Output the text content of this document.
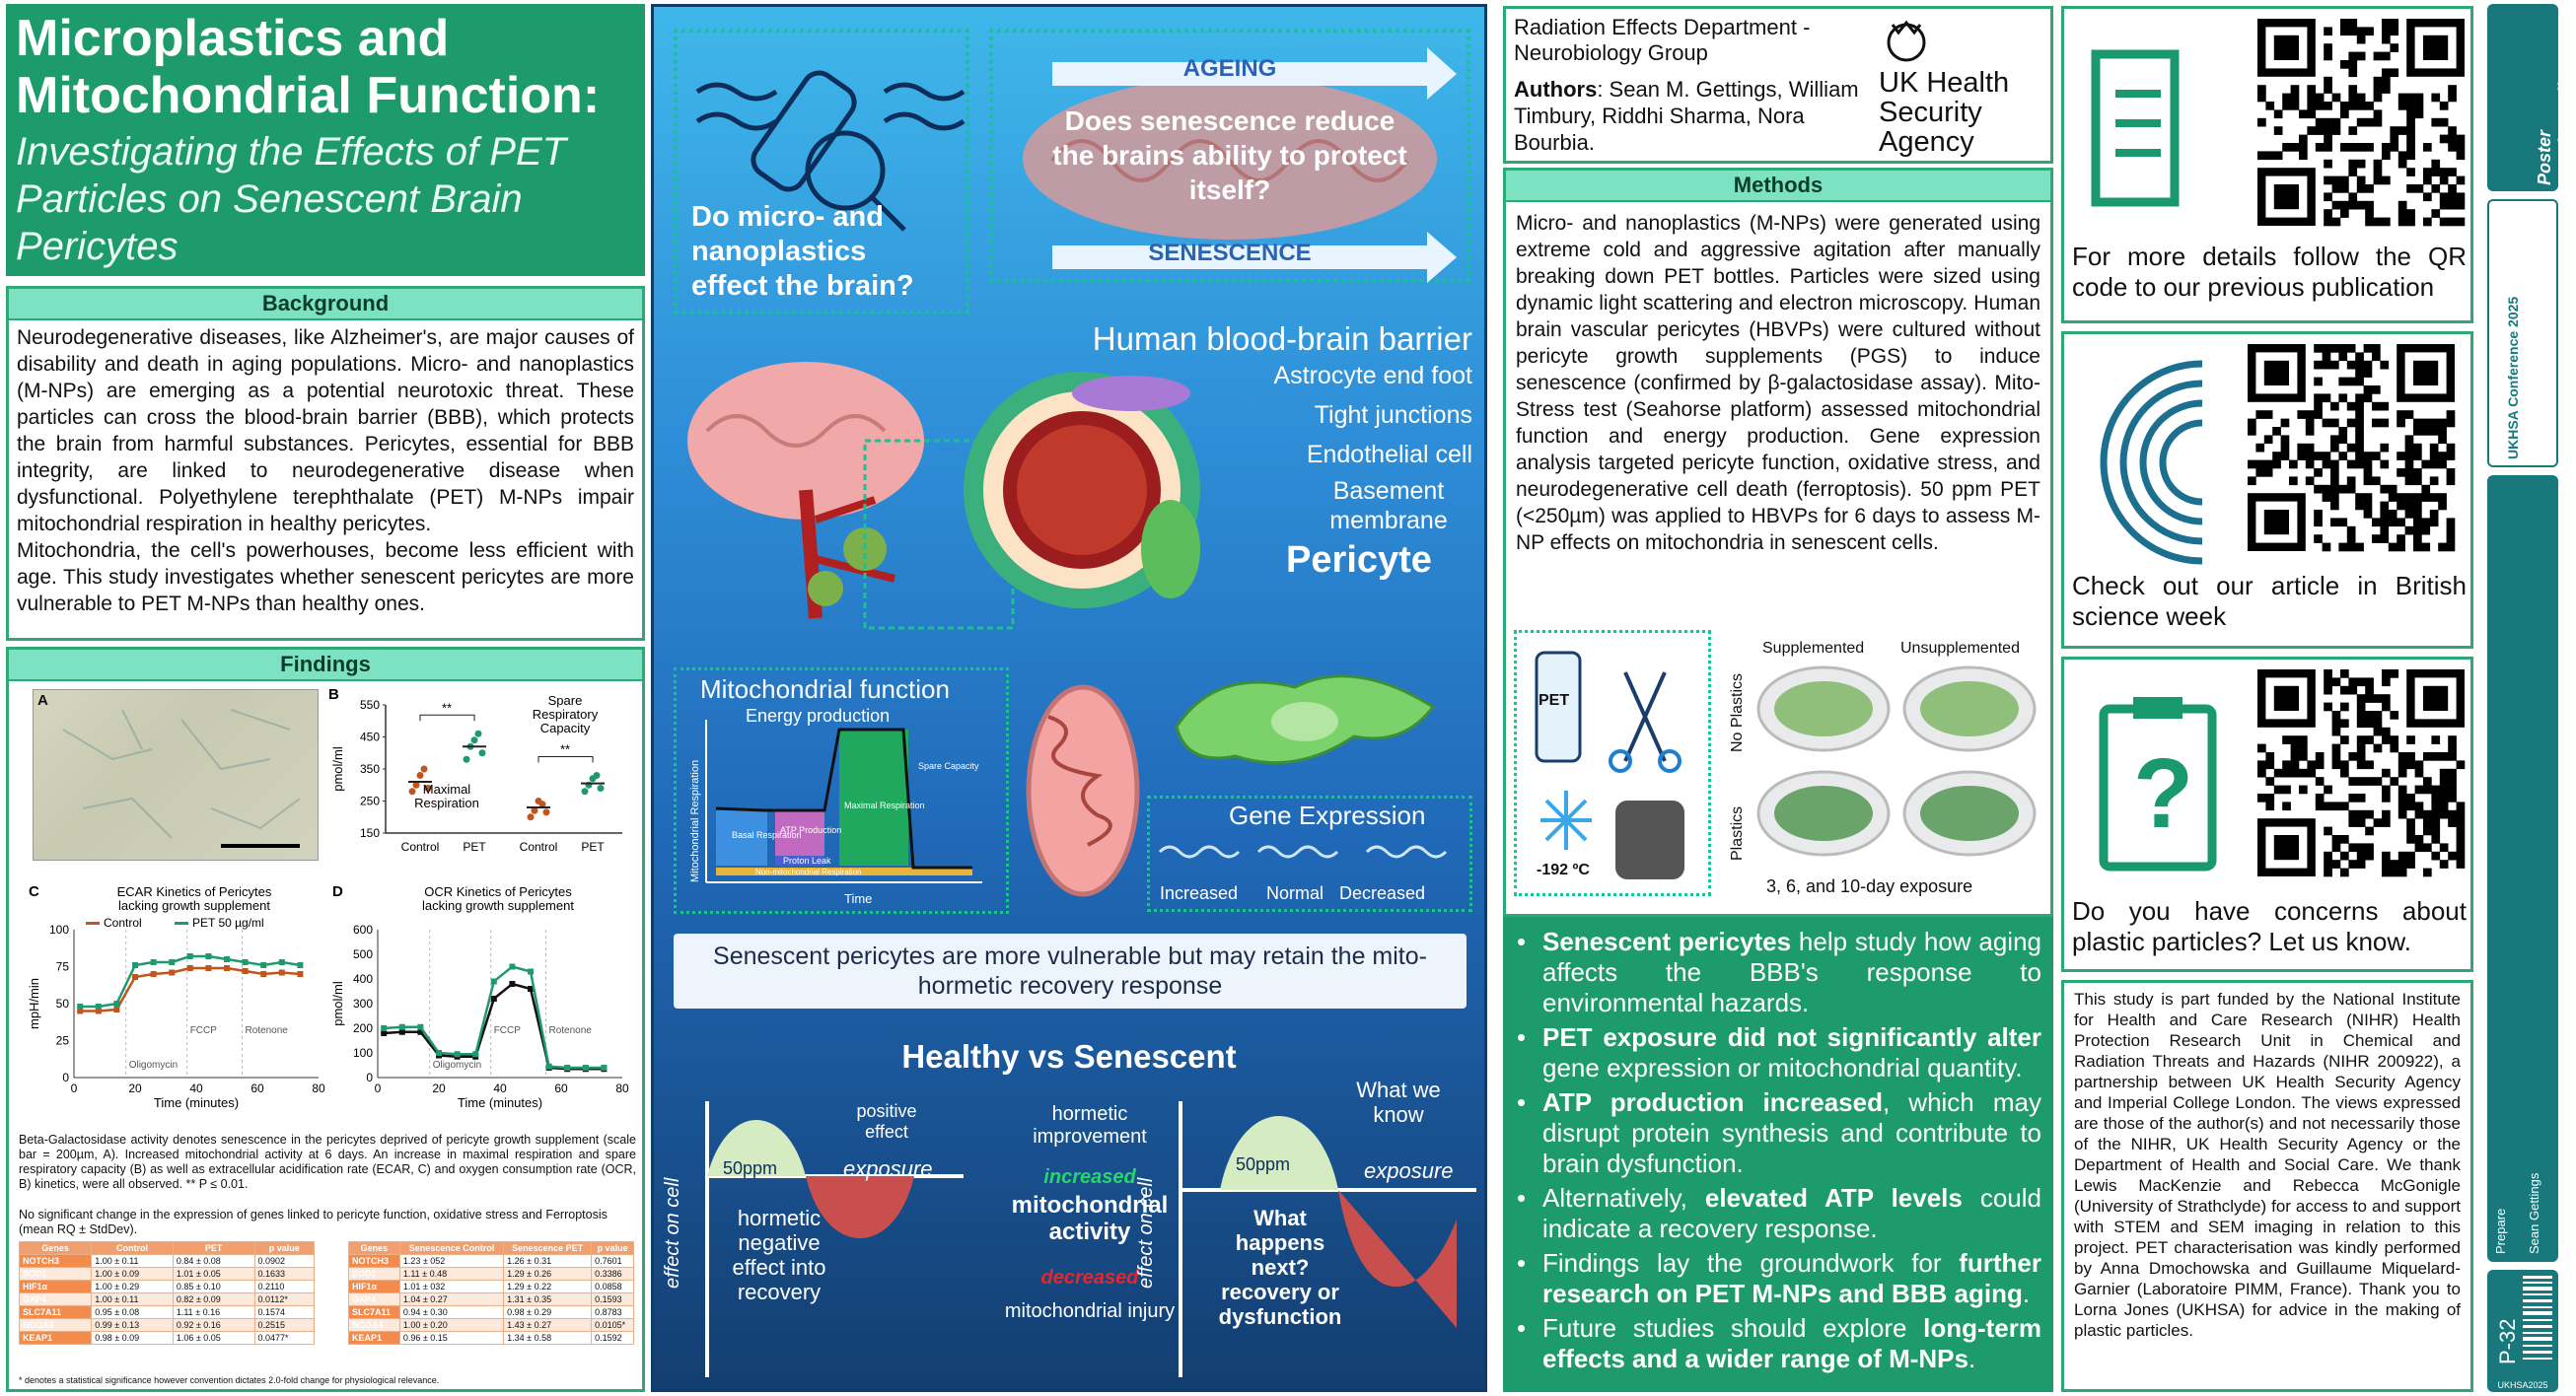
Microplastics and Mitochondrial Function:
Investigating the Effects of PET Particles on Senescent Brain Pericytes
Background

Neurodegenerative diseases, like Alzheimer's, are major causes of disability and death in aging populations. Micro- and nanoplastics (M-NPs) are emerging as a potential neurotoxic threat. These particles can cross the blood-brain barrier (BBB), which protects the brain from harmful substances. Pericytes, essential for BBB integrity, are linked to neurodegenerative disease when dysfunctional. Polyethylene terephthalate (PET) M-NPs impair mitochondrial respiration in healthy pericytes.

Mitochondria, the cell's powerhouses, become less efficient with age. This study investigates whether senescent pericytes are more vulnerable to PET M-NPs than healthy ones.

Findings
A	B
150
250
350
450
550
pmol/ml
Control PET	Control PET
Maximal
Respiration
Spare
Respiratory
Capacity
**
**
C	ECAR Kinetics of Pericytes
lacking growth supplement
0
25
50
75
100
0	20	40	60	80
Time (minutes)
mpH/min
Oligomycin
FCCP	Rotenone
Control	PET 50 µg/ml
D	OCR Kinetics of Pericytes
lacking growth supplement
0
100
200
300
400
500
600
0	20	40	60	80
Time (minutes)
pmol/ml
Oligomycin
FCCP	Rotenone
Beta-Galactosidase activity denotes senescence in the pericytes deprived of pericyte growth supplement (scale bar = 200µm, A). Increased mitochondrial activity at 6 days. An increase in maximal respiration and spare respiratory capacity (B) as well as extracellular acidification rate (ECAR, C) and oxygen consumption rate (OCR, B) kinetics, were all observed. ** P ≤ 0.01.
No significant change in the expression of genes linked to pericyte function, oxidative stress and Ferroptosis (mean RQ ± StdDev).
Genes	Control	PET	p value
NOTCH3	1.00 ± 0.11	0.84 ± 0.08	0.0902
SOD1	1.00 ± 0.09	1.01 ± 0.05	0.1633
HIF1α	1.00 ± 0.29	0.85 ± 0.10	0.2110
GXP4	1.00 ± 0.11	0.82 ± 0.09	0.0112*
SLC7A11	0.95 ± 0.08	1.11 ± 0.16	0.1574
NCOA4	0.99 ± 0.13	0.92 ± 0.16	0.2515
KEAP1	0.98 ± 0.09	1.06 ± 0.05	0.0477*
Genes	Senescence Control	Senescence PET	p value
NOTCH3	1.23 ± 052	1.26 ± 0.31	0.7601
SOD1	1.11 ± 0.48	1.29 ± 0.26	0.3386
HIF1α	1.01 ± 032	1.29 ± 0.22	0.0858
GXP4	1.04 ± 0.27	1.31 ± 0.35	0.1593
SLC7A11	0.94 ± 0.30	0.98 ± 0.29	0.8783
NCOA4	1.00 ± 0.20	1.43 ± 0.27	0.0105*
KEAP1	0.96 ± 0.15	1.34 ± 0.58	0.1592
* denotes a statistical significance however convention dictates 2.0-fold change for physiological relevance.
Do micro- and nanoplastics effect the brain?
AGEING
SENESCENCE
Does senescence reduce the brains ability to protect itself?
Human blood-brain barrier
Astrocyte end foot
Tight junctions
Endothelial cell
Basement membrane
Pericyte
Mitochondrial function
Energy production
Basal Respiration
ATP Production
Proton Leak
Maximal Respiration
Spare Capacity
Non-mitochondrial Respiration
Time
Mitochondrial Respiration	Gene Expression
Increased Normal Decreased
Senescent pericytes are more vulnerable but may retain the mito-hormetic recovery response
Healthy vs Senescent
50ppm	exposure
positive effect
hormetic negative effect into recovery
effect on cell
hormetic improvement
increased
mitochondrial activity
decreased
mitochondrial injury
What we know
50ppm	exposure
What happens next? recovery or dysfunction
effect on cell
Radiation Effects Department - Neurobiology Group
Authors: Sean M. Gettings, William Timbury, Riddhi Sharma, Nora Bourbia.
UK Health Security Agency
Methods
Micro- and nanoplastics (M-NPs) were generated using extreme cold and aggressive agitation after manually breaking down PET bottles. Particles were sized using dynamic light scattering and electron microscopy. Human brain vascular pericytes (HBVPs) were cultured without pericyte growth supplements (PGS) to induce senescence (confirmed by β-galactosidase assay). Mito-Stress test (Seahorse platform) assessed mitochondrial function and energy production. Gene expression analysis targeted pericyte function, oxidative stress, and neurodegenerative cell death (ferroptosis). 50 ppm PET (<250µm) was applied to HBVPs for 6 days to assess M-NP effects on mitochondria in senescent cells.
PET
-192 ºC
Supplemented Unsupplemented
No Plastics
Plastics
3, 6, and 10-day exposure
• Senescent pericytes help study how aging affects the BBB's response to environmental hazards.
• PET exposure did not significantly alter gene expression or mitochondrial quantity.
• ATP production increased, which may disrupt protein synthesis and contribute to brain dysfunction.
• Alternatively, elevated ATP levels could indicate a recovery response.
• Findings lay the groundwork for further research on PET M-NPs and BBB aging.
• Future studies should explore long-term effects and a wider range of M-NPs.
For more details follow the QR code to our previous publication
Check out our article in British science week
?
Do you have concerns about plastic particles? Let us know.
This study is part funded by the National Institute for Health and Care Research (NIHR) Health Protection Research Unit in Chemical and Radiation Threats and Hazards (NIHR 200922), a partnership between UK Health Security Agency and Imperial College London. The views expressed are those of the author(s) and not necessarily those of the NIHR, UK Health Security Agency or the Department of Health and Social Care. We thank Lewis MacKenzie and Rebecca McGonigle (University of Strathclyde) for access to and support with STEM and SEM imaging in relation to this project. PET characterisation was kindly performed by Anna Dmochowska and Guillaume Miquelard-Garnier (Laboratoire PIMM, France). Thank you to Lorna Jones (UKHSA) for advice in the making of plastic particles.
Poster SessionOnline
UKHSA Conference 2025
Prepare Sean Gettings
P-32
UKHSA2025
